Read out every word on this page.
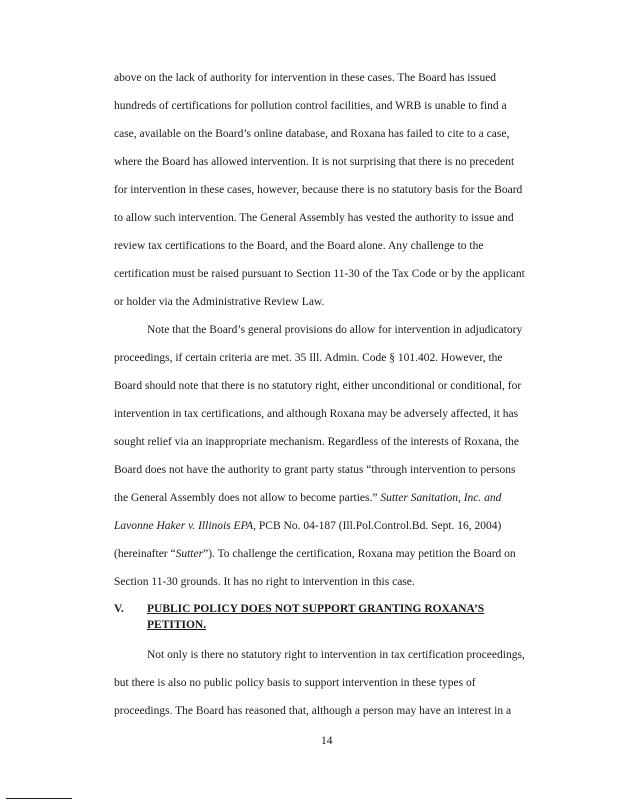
above on the lack of authority for intervention in these cases. The Board has issued
hundreds of certifications for pollution control facilities, and WRB is unable to find a
case, available on the Board’s online database, and Roxana has failed to cite to a case,
where the Board has allowed intervention. It is not surprising that there is no precedent
for intervention in these cases, however, because there is no statutory basis for the Board
to allow such intervention. The General Assembly has vested the authority to issue and
review tax certifications to the Board, and the Board alone. Any challenge to the
certification must be raised pursuant to Section 11-30 of the Tax Code or by the applicant
or holder via the Administrative Review Law.
Note that the Board’s general provisions do allow for intervention in adjudicatory
proceedings, if certain criteria are met. 35 Ill. Admin. Code § 101.402. However, the
Board should note that there is no statutory right, either unconditional or conditional, for
intervention in tax certifications, and although Roxana may be adversely affected, it has
sought relief via an inappropriate mechanism. Regardless of the interests of Roxana, the
Board does not have the authority to grant party status “through intervention to persons
the General Assembly does not allow to become parties.” Sutter Sanitation, Inc. and
Lavonne Haker v. Illinois EPA, PCB No. 04-187 (Ill.Pol.Control.Bd. Sept. 16, 2004)
(hereinafter “Sutter”). To challenge the certification, Roxana may petition the Board on
Section 11-30 grounds. It has no right to intervention in this case.
V. PUBLIC POLICY DOES NOT SUPPORT GRANTING ROXANA’S
PETITION.
Not only is there no statutory right to intervention in tax certification proceedings,
but there is also no public policy basis to support intervention in these types of
proceedings. The Board has reasoned that, although a person may have an interest in a
14
